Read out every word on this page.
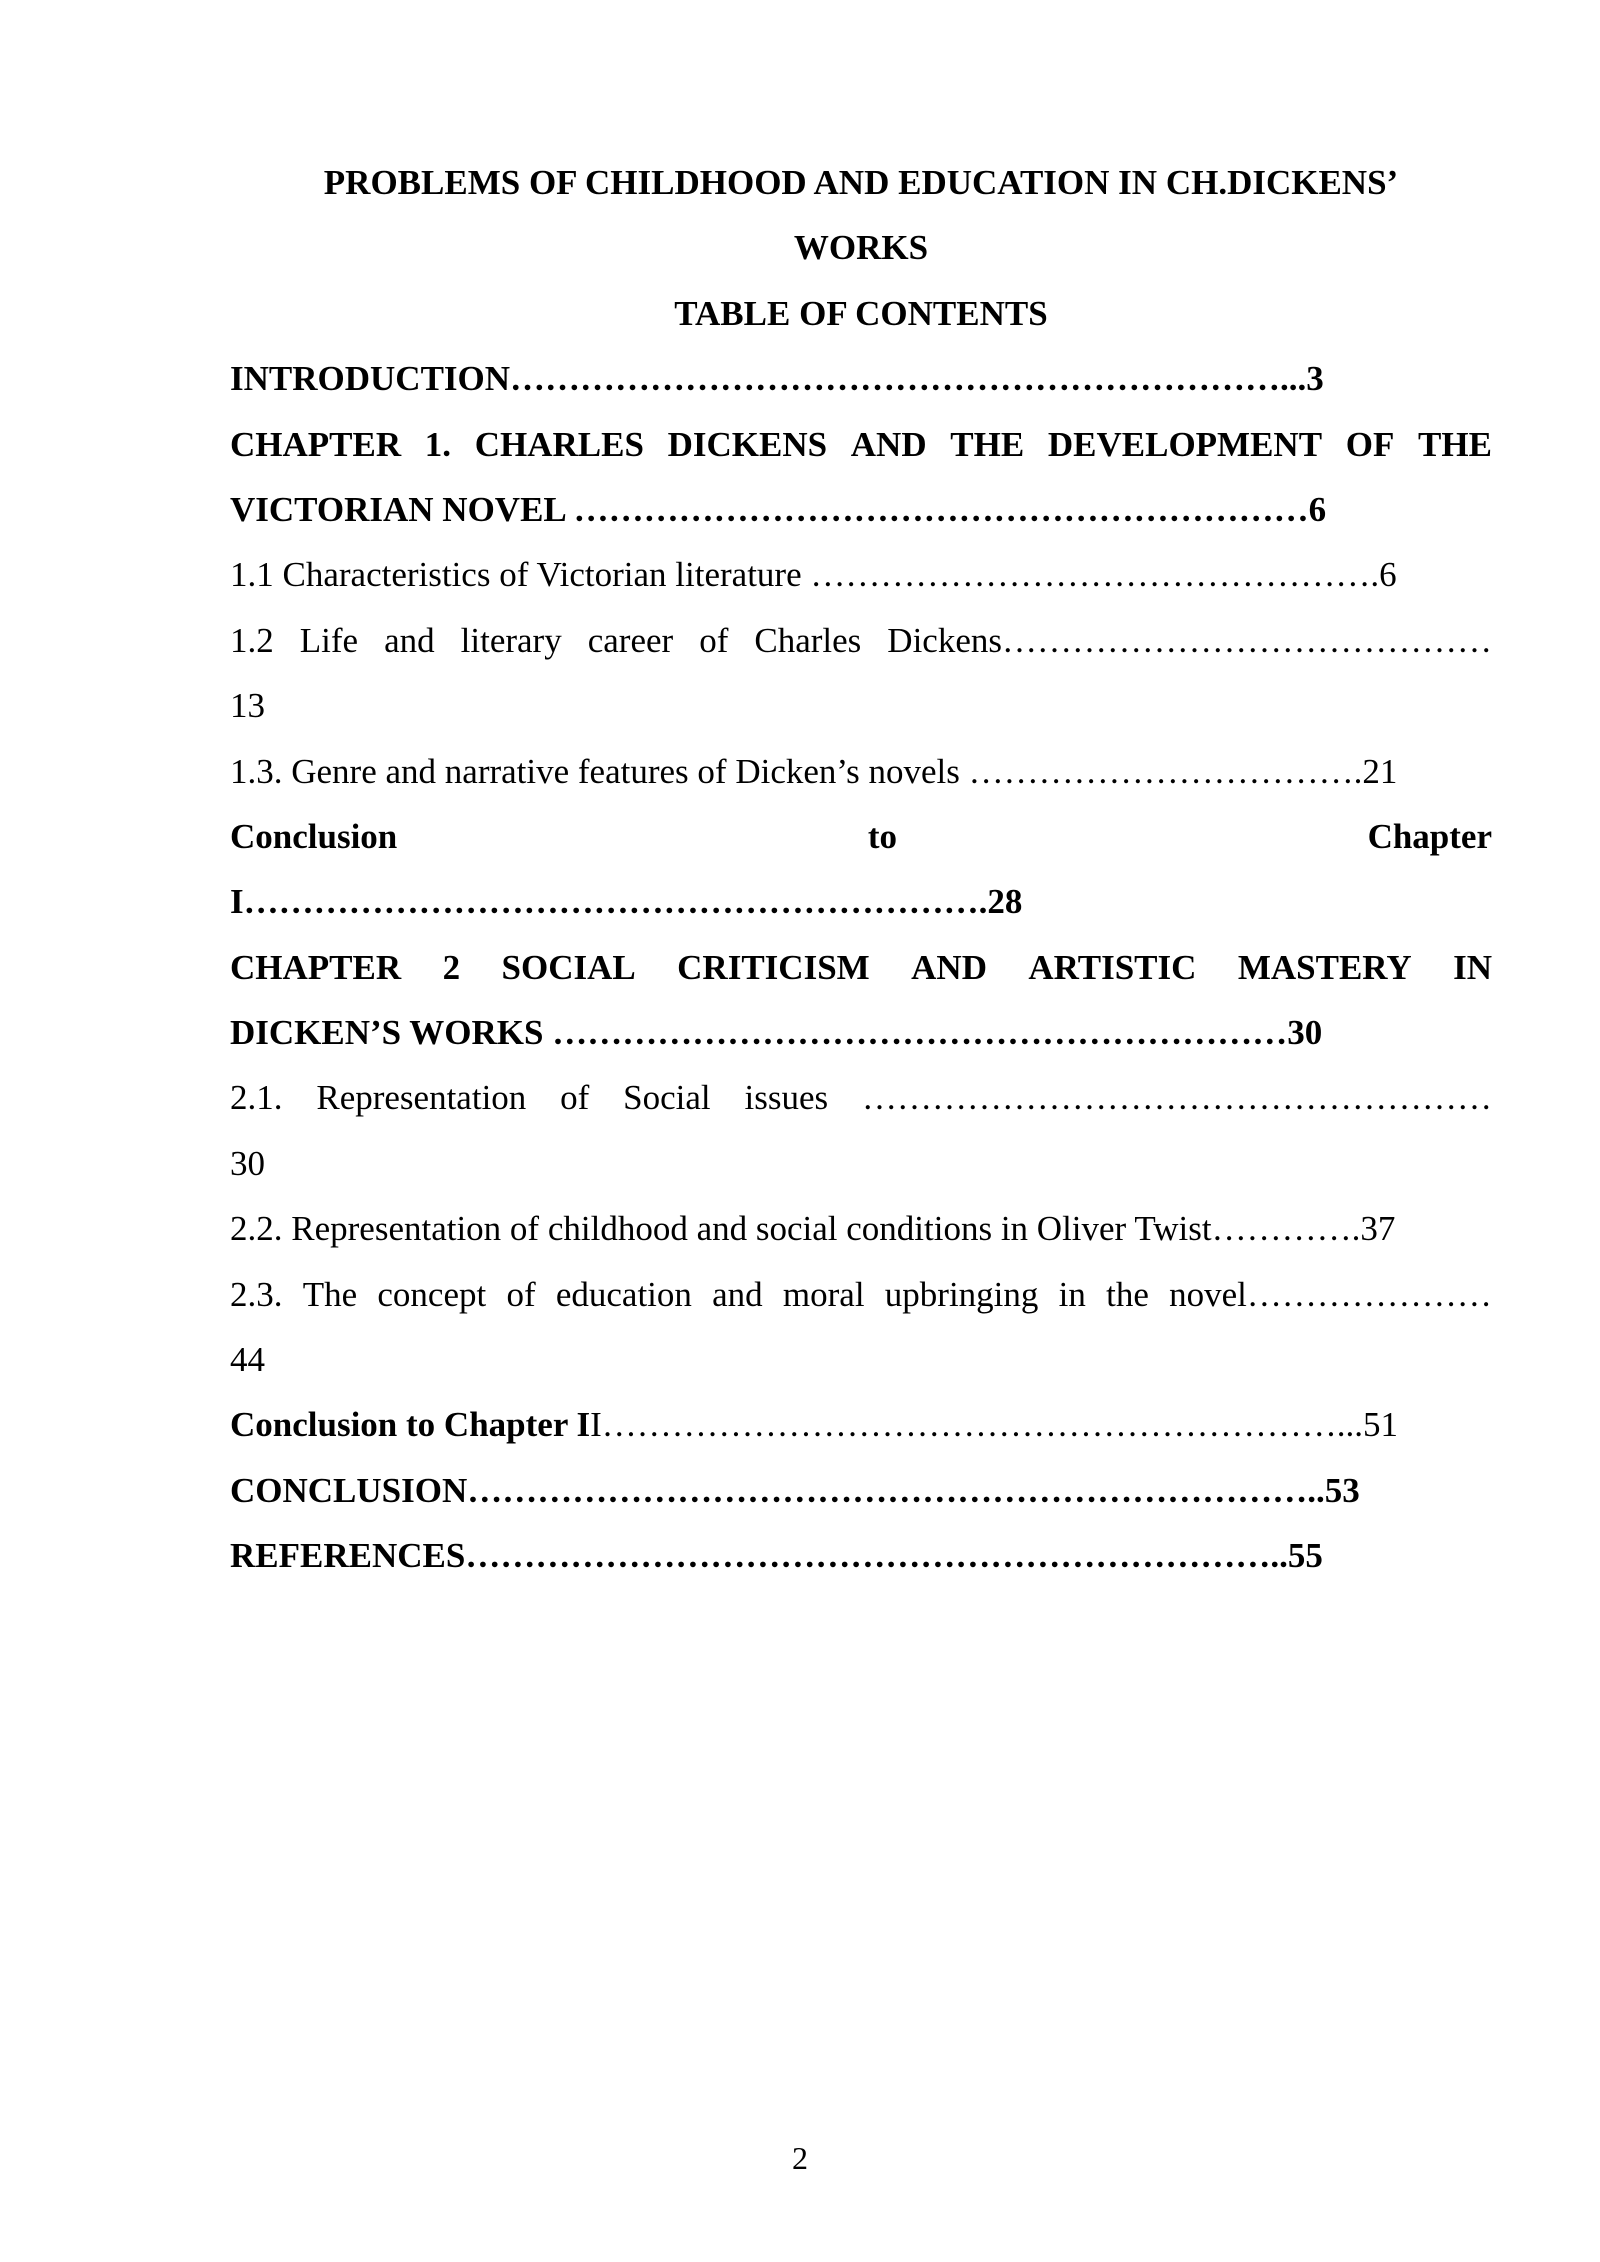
PROBLEMS OF CHILDHOOD AND EDUCATION IN CH.DICKENS’
WORKS
TABLE OF CONTENTS
INTRODUCTION…………………………………………………………...3
CHAPTER 1. CHARLES DICKENS AND THE DEVELOPMENT OF THE
VICTORIAN NOVEL ………………………………………………………6
1.1 Characteristics of Victorian literature ………………………………………….6
1.2 Life and literary career of Charles Dickens……………………………………
13
1.3. Genre and narrative features of Dicken’s novels …………………………….21
Conclusion	to	Chapter
I……………………………………………………….28
CHAPTER 2 SOCIAL CRITICISM AND ARTISTIC MASTERY IN
DICKEN’S WORKS ………………………………………………………30
2.1. Representation of Social issues ………………………………………………
30
2.2. Representation of childhood and social conditions in Oliver Twist………….37
2.3. The concept of education and moral upbringing in the novel…………………
44
Conclusion to Chapter II………………………………………………………...51
CONCLUSION………………………………………………………………..53
REFERENCES……………………………………………………………..55
2
